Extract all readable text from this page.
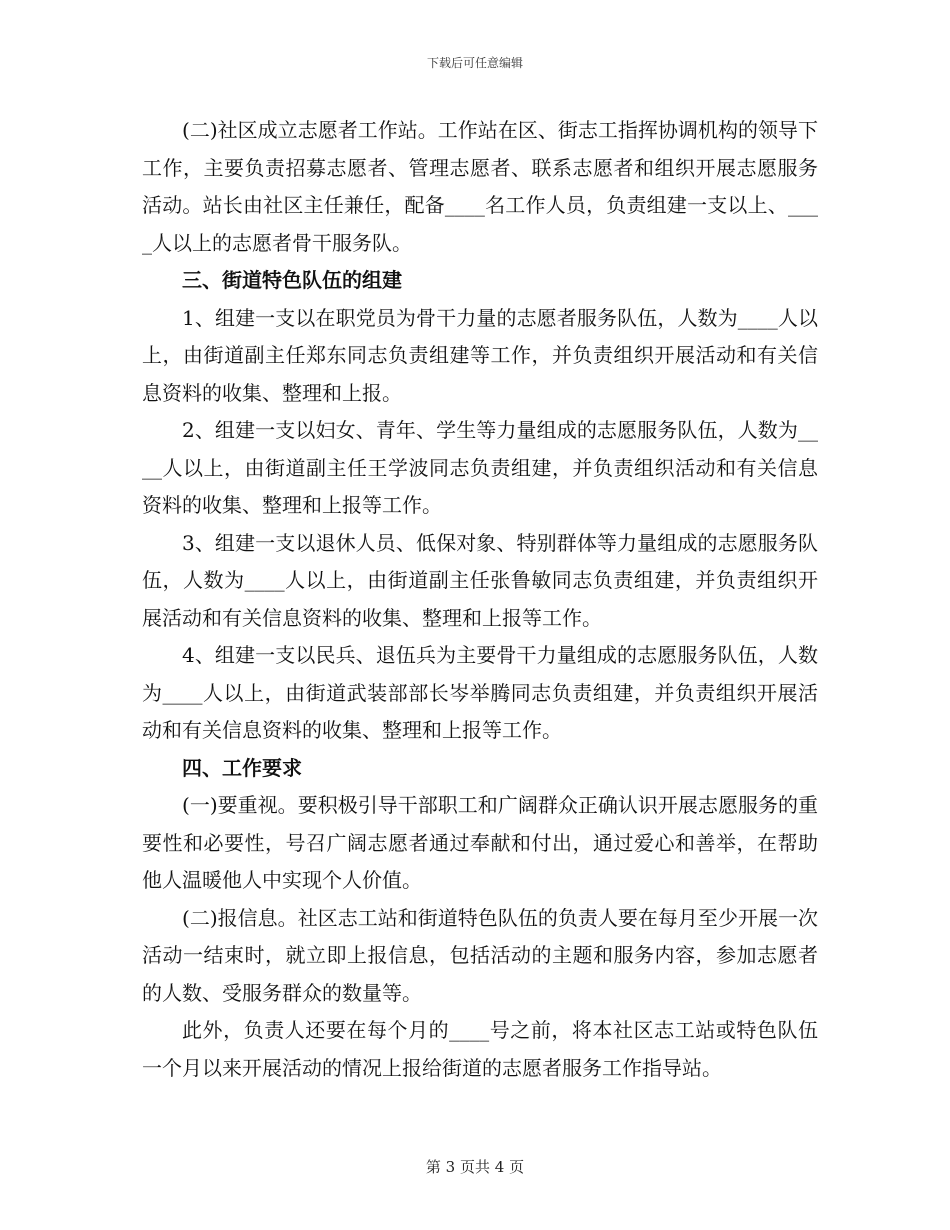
下载后可任意编辑

(二)社区成立志愿者工作站。工作站在区、街志工指挥协调机构的领导下工作，主要负责招募志愿者、管理志愿者、联系志愿者和组织开展志愿服务活动。站长由社区主任兼任，配备____名工作人员，负责组建一支以上、____人以上的志愿者骨干服务队。

三、街道特色队伍的组建

1、组建一支以在职党员为骨干力量的志愿者服务队伍，人数为____人以上，由街道副主任郑东同志负责组建等工作，并负责组织开展活动和有关信息资料的收集、整理和上报。

2、组建一支以妇女、青年、学生等力量组成的志愿服务队伍，人数为____人以上，由街道副主任王学波同志负责组建，并负责组织活动和有关信息资料的收集、整理和上报等工作。

3、组建一支以退休人员、低保对象、特别群体等力量组成的志愿服务队伍，人数为____人以上，由街道副主任张鲁敏同志负责组建，并负责组织开展活动和有关信息资料的收集、整理和上报等工作。

4、组建一支以民兵、退伍兵为主要骨干力量组成的志愿服务队伍，人数为____人以上，由街道武装部部长岑举腾同志负责组建，并负责组织开展活动和有关信息资料的收集、整理和上报等工作。

四、工作要求

(一)要重视。要积极引导干部职工和广阔群众正确认识开展志愿服务的重要性和必要性，号召广阔志愿者通过奉献和付出，通过爱心和善举，在帮助他人温暖他人中实现个人价值。

(二)报信息。社区志工站和街道特色队伍的负责人要在每月至少开展一次活动一结束时，就立即上报信息，包括活动的主题和服务内容，参加志愿者的人数、受服务群众的数量等。

此外，负责人还要在每个月的____号之前，将本社区志工站或特色队伍一个月以来开展活动的情况上报给街道的志愿者服务工作指导站。

第 3 页共 4 页
